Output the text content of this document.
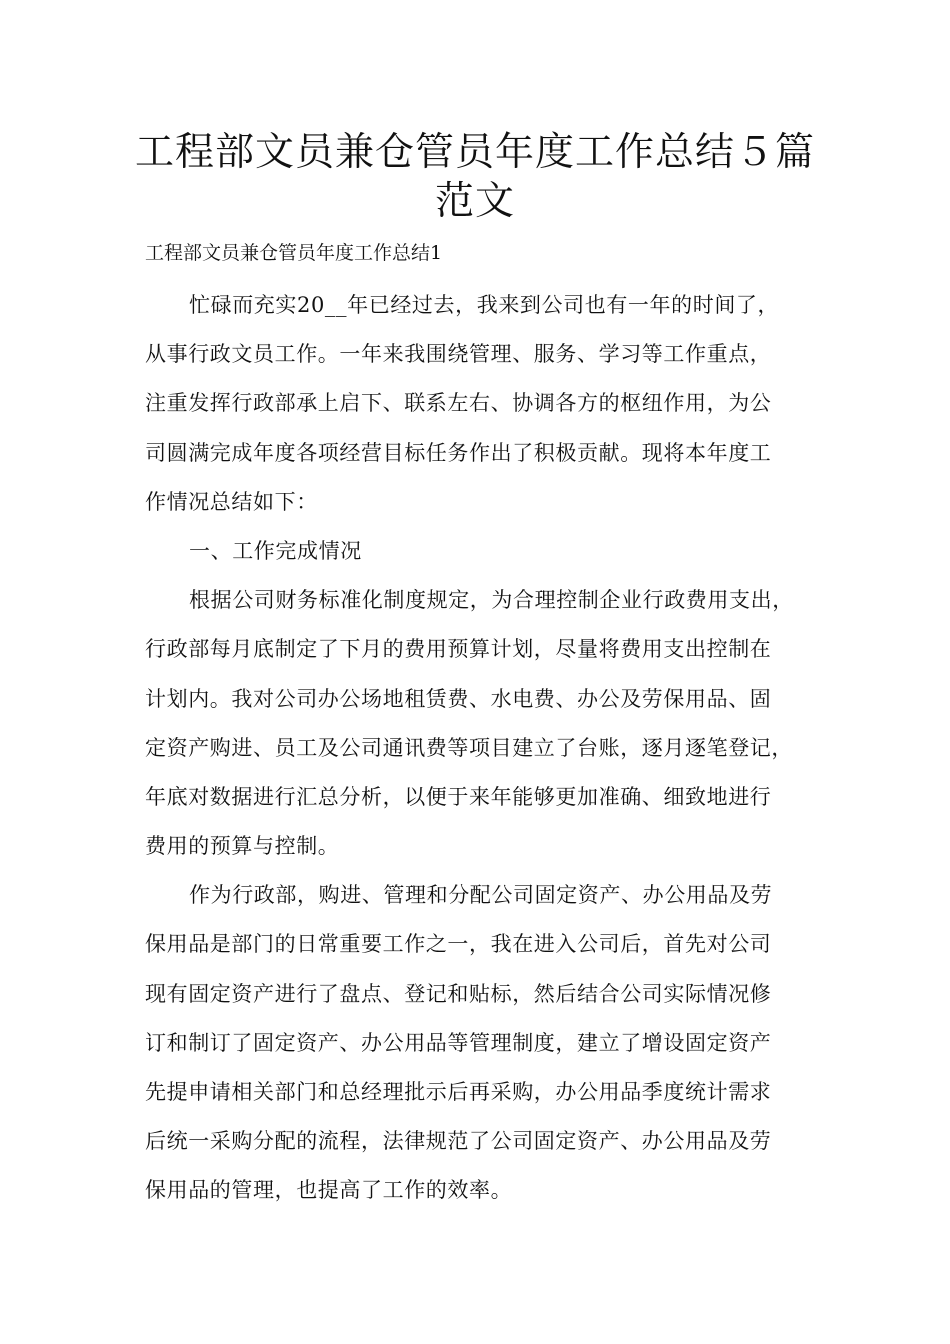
工程部文员兼仓管员年度工作总结５篇
范文

工程部文员兼仓管员年度工作总结1

忙碌而充实20__年已经过去，我来到公司也有一年的时间了，
从事行政文员工作。一年来我围绕管理、服务、学习等工作重点，
注重发挥行政部承上启下、联系左右、协调各方的枢纽作用，为公
司圆满完成年度各项经营目标任务作出了积极贡献。现将本年度工
作情况总结如下：
一、工作完成情况
根据公司财务标准化制度规定，为合理控制企业行政费用支出，
行政部每月底制定了下月的费用预算计划，尽量将费用支出控制在
计划内。我对公司办公场地租赁费、水电费、办公及劳保用品、固
定资产购进、员工及公司通讯费等项目建立了台账，逐月逐笔登记，
年底对数据进行汇总分析，以便于来年能够更加准确、细致地进行
费用的预算与控制。
作为行政部，购进、管理和分配公司固定资产、办公用品及劳
保用品是部门的日常重要工作之一，我在进入公司后，首先对公司
现有固定资产进行了盘点、登记和贴标，然后结合公司实际情况修
订和制订了固定资产、办公用品等管理制度，建立了增设固定资产
先提申请相关部门和总经理批示后再采购，办公用品季度统计需求
后统一采购分配的流程，法律规范了公司固定资产、办公用品及劳
保用品的管理，也提高了工作的效率。
